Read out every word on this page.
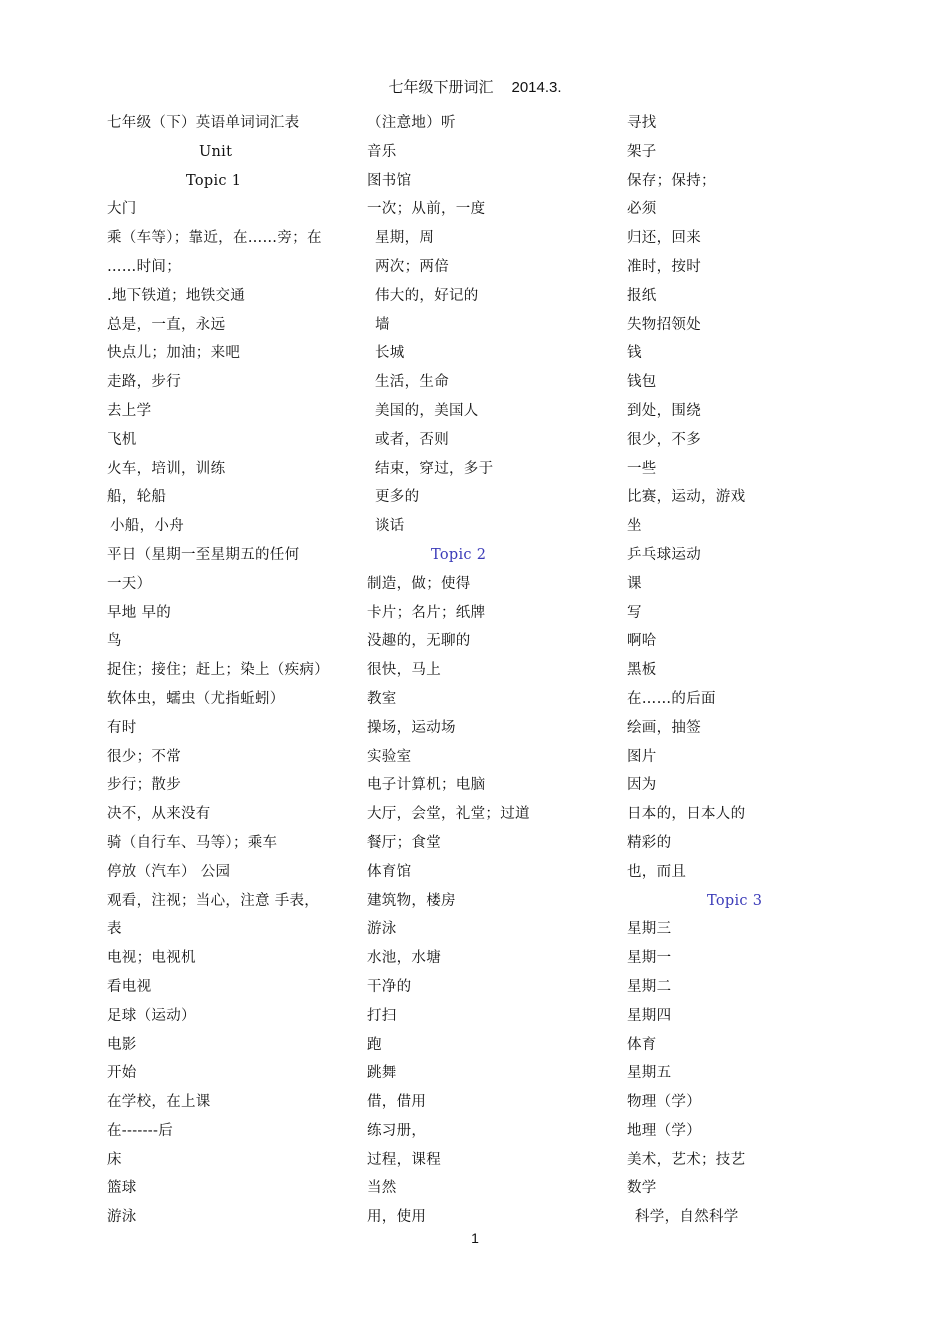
七年级下册词汇 2014.3.
七年级（下）英语单词词汇表
Unit
Topic 1
大门
乘（车等）；靠近，在……旁；在
……时间；
.地下铁道；地铁交通
总是，一直，永远
快点儿；加油；来吧
走路，步行
去上学
飞机
火车，培训，训练
船，轮船
小船，小舟
平日（星期一至星期五的任何
一天）
早地 早的
鸟
捉住；接住；赶上；染上（疾病）
软体虫，蠕虫（尤指蚯蚓）
有时
很少；不常
步行；散步
决不，从来没有
骑（自行车、马等）；乘车
停放（汽车） 公园
观看，注视；当心，注意 手表，
表
电视；电视机
看电视
足球（运动）
电影
开始
在学校，在上课
在-------后
床
篮球
游泳
（注意地）听
音乐
图书馆
一次；从前，一度
星期，周
两次；两倍
伟大的，好记的
墙
长城
生活，生命
美国的，美国人
或者，否则
结束，穿过，多于
更多的
谈话
Topic 2
制造，做；使得
卡片；名片；纸牌
没趣的，无聊的
很快，马上
教室
操场，运动场
实验室
电子计算机；电脑
大厅，会堂，礼堂；过道
餐厅；食堂
体育馆
建筑物，楼房
游泳
水池，水塘
干净的
打扫
跑
跳舞
借，借用
练习册，
过程，课程
当然
用，使用
寻找
架子
保存；保持；
必须
归还，回来
准时，按时
报纸
失物招领处
钱
钱包
到处，围绕
很少，不多
一些
比赛，运动，游戏
坐
乒乓球运动
课
写
啊哈
黑板
在……的后面
绘画，抽签
图片
因为
日本的，日本人的
精彩的
也，而且
Topic 3
星期三
星期一
星期二
星期四
体育
星期五
物理（学）
地理（学）
美术，艺术；技艺
数学
科学，自然科学
1
